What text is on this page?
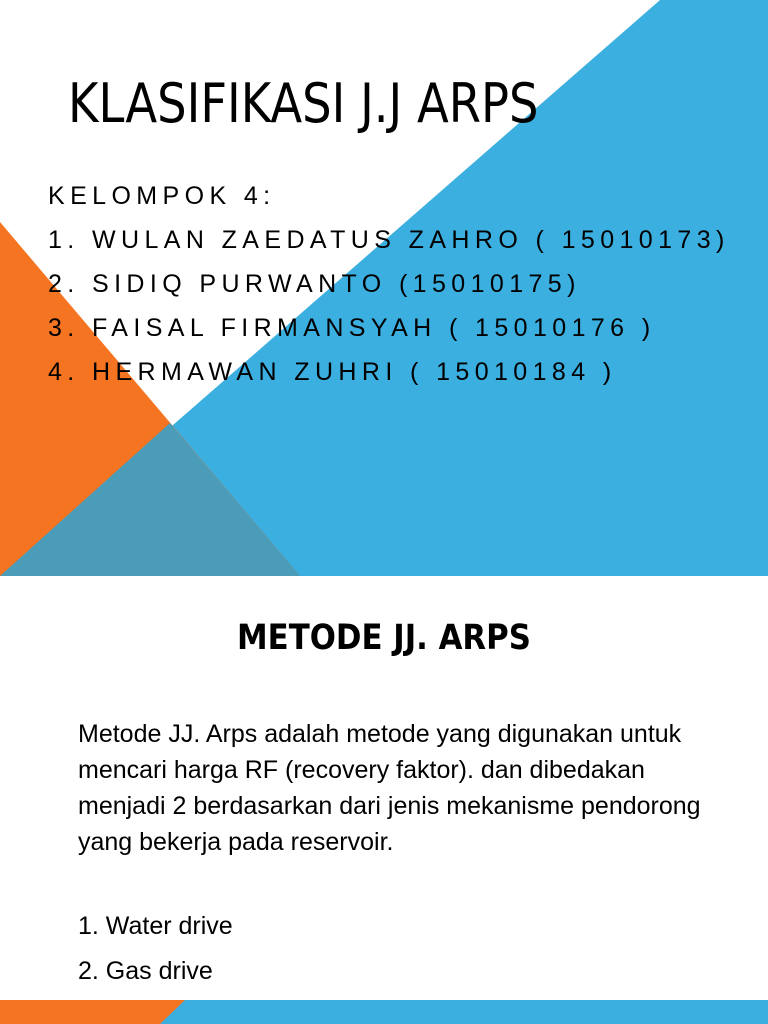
KLASIFIKASI J.J ARPS
KELOMPOK 4:
1. WULAN ZAEDATUS ZAHRO ( 15010173)
2. SIDIQ PURWANTO (15010175)
3. FAISAL FIRMANSYAH ( 15010176 )
4. HERMAWAN ZUHRI ( 15010184 )
METODE JJ. ARPS

Metode JJ. Arps adalah metode yang digunakan untuk mencari harga RF (recovery faktor). dan dibedakan menjadi 2 berdasarkan dari jenis mekanisme pendorong yang bekerja pada reservoir.

1. Water drive
2. Gas drive
